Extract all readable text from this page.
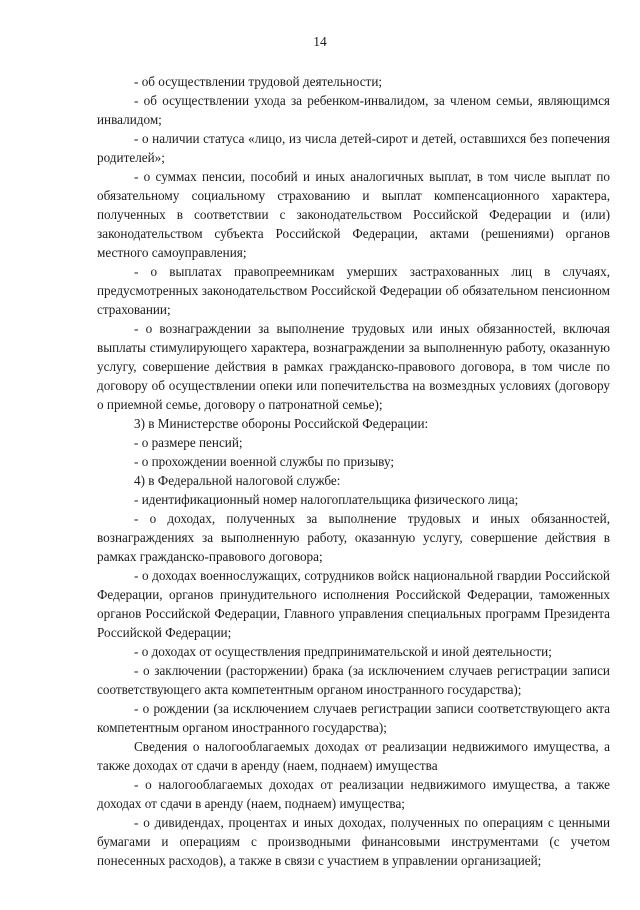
14

- об осуществлении трудовой деятельности;

- об осуществлении ухода за ребенком-инвалидом, за членом семьи, являющимся инвалидом;

- о наличии статуса «лицо, из числа детей-сирот и детей, оставшихся без попечения родителей»;

- о суммах пенсии, пособий и иных аналогичных выплат, в том числе выплат по обязательному социальному страхованию и выплат компенсационного характера, полученных в соответствии с законодательством Российской Федерации и (или) законодательством субъекта Российской Федерации, актами (решениями) органов местного самоуправления;

- о выплатах правопреемникам умерших застрахованных лиц в случаях, предусмотренных законодательством Российской Федерации об обязательном пенсионном страховании;

- о вознаграждении за выполнение трудовых или иных обязанностей, включая выплаты стимулирующего характера, вознаграждении за выполненную работу, оказанную услугу, совершение действия в рамках гражданско-правового договора, в том числе по договору об осуществлении опеки или попечительства на возмездных условиях (договору о приемной семье, договору о патронатной семье);

3) в Министерстве обороны Российской Федерации:

- о размере пенсий;

- о прохождении военной службы по призыву;

4) в Федеральной налоговой службе:

- идентификационный номер налогоплательщика физического лица;

- о доходах, полученных за выполнение трудовых и иных обязанностей, вознаграждениях за выполненную работу, оказанную услугу, совершение действия в рамках гражданско-правового договора;

- о доходах военнослужащих, сотрудников войск национальной гвардии Российской Федерации, органов принудительного исполнения Российской Федерации, таможенных органов Российской Федерации, Главного управления специальных программ Президента Российской Федерации;

- о доходах от осуществления предпринимательской и иной деятельности;

- о заключении (расторжении) брака (за исключением случаев регистрации записи соответствующего акта компетентным органом иностранного государства);

- о рождении (за исключением случаев регистрации записи соответствующего акта компетентным органом иностранного государства);

Сведения о налогооблагаемых доходах от реализации недвижимого имущества, а также доходах от сдачи в аренду (наем, поднаем) имущества

- о налогооблагаемых доходах от реализации недвижимого имущества, а также доходах от сдачи в аренду (наем, поднаем) имущества;

- о дивидендах, процентах и иных доходах, полученных по операциям с ценными бумагами и операциям с производными финансовыми инструментами (с учетом понесенных расходов), а также в связи с участием в управлении организацией;
